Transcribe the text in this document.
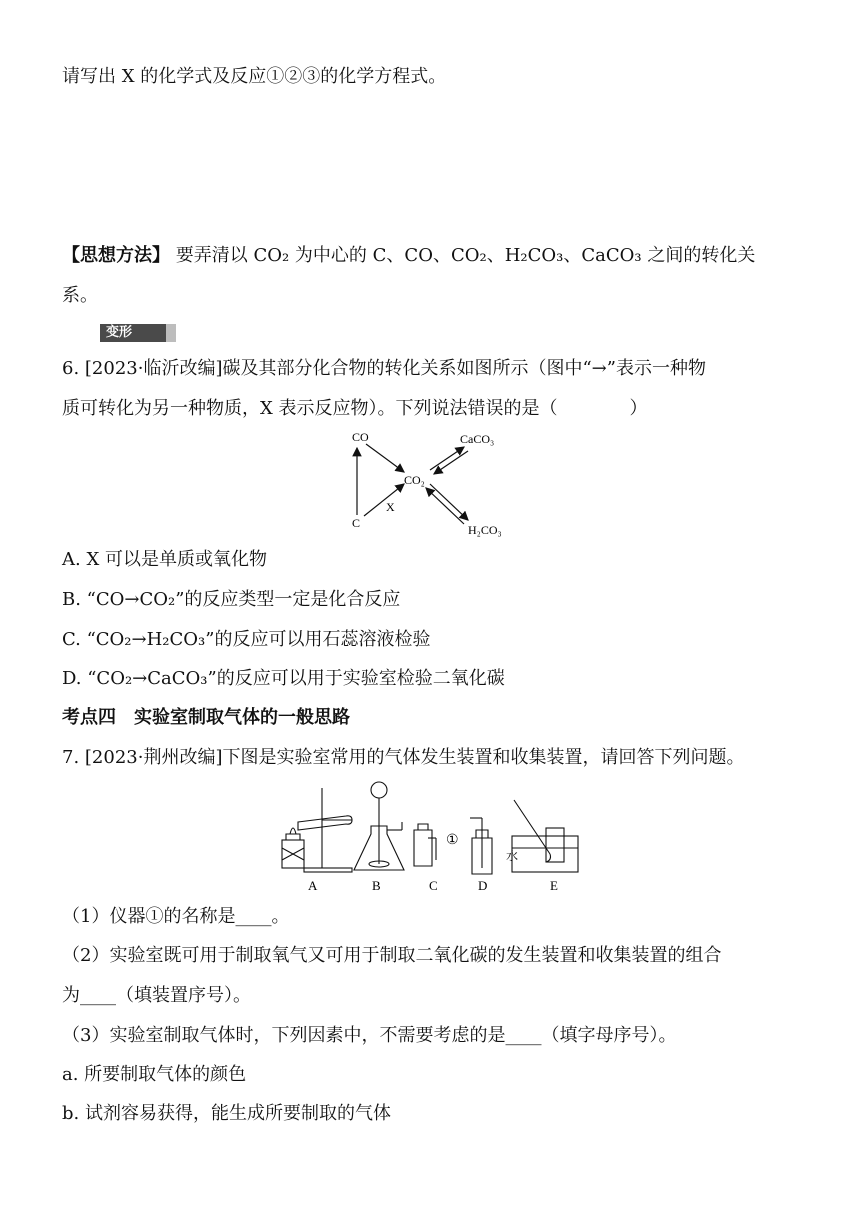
请写出 X 的化学式及反应①②③的化学方程式。
【思想方法】 要弄清以 CO₂ 为中心的 C、CO、CO₂、H₂CO₃、CaCO₃ 之间的转化关
系。
变形
6. [2023·临沂改编]碳及其部分化合物的转化关系如图所示（图中“→”表示一种物
质可转化为另一种物质，X 表示反应物）。下列说法错误的是（　　　　）
CO	CaCO₃
CO₂
C
X
H₂CO₃
A. X 可以是单质或氧化物
B. “CO→CO₂”的反应类型一定是化合反应
C. “CO₂→H₂CO₃”的反应可以用石蕊溶液检验
D. “CO₂→CaCO₃”的反应可以用于实验室检验二氧化碳
考点四　实验室制取气体的一般思路
7. [2023·荆州改编]下图是实验室常用的气体发生装置和收集装置，请回答下列问题。
①
水
A	B	C	D	E
（1）仪器①的名称是____。
（2）实验室既可用于制取氧气又可用于制取二氧化碳的发生装置和收集装置的组合
为____（填装置序号）。
（3）实验室制取气体时，下列因素中，不需要考虑的是____（填字母序号）。
a. 所要制取气体的颜色
b. 试剂容易获得，能生成所要制取的气体
